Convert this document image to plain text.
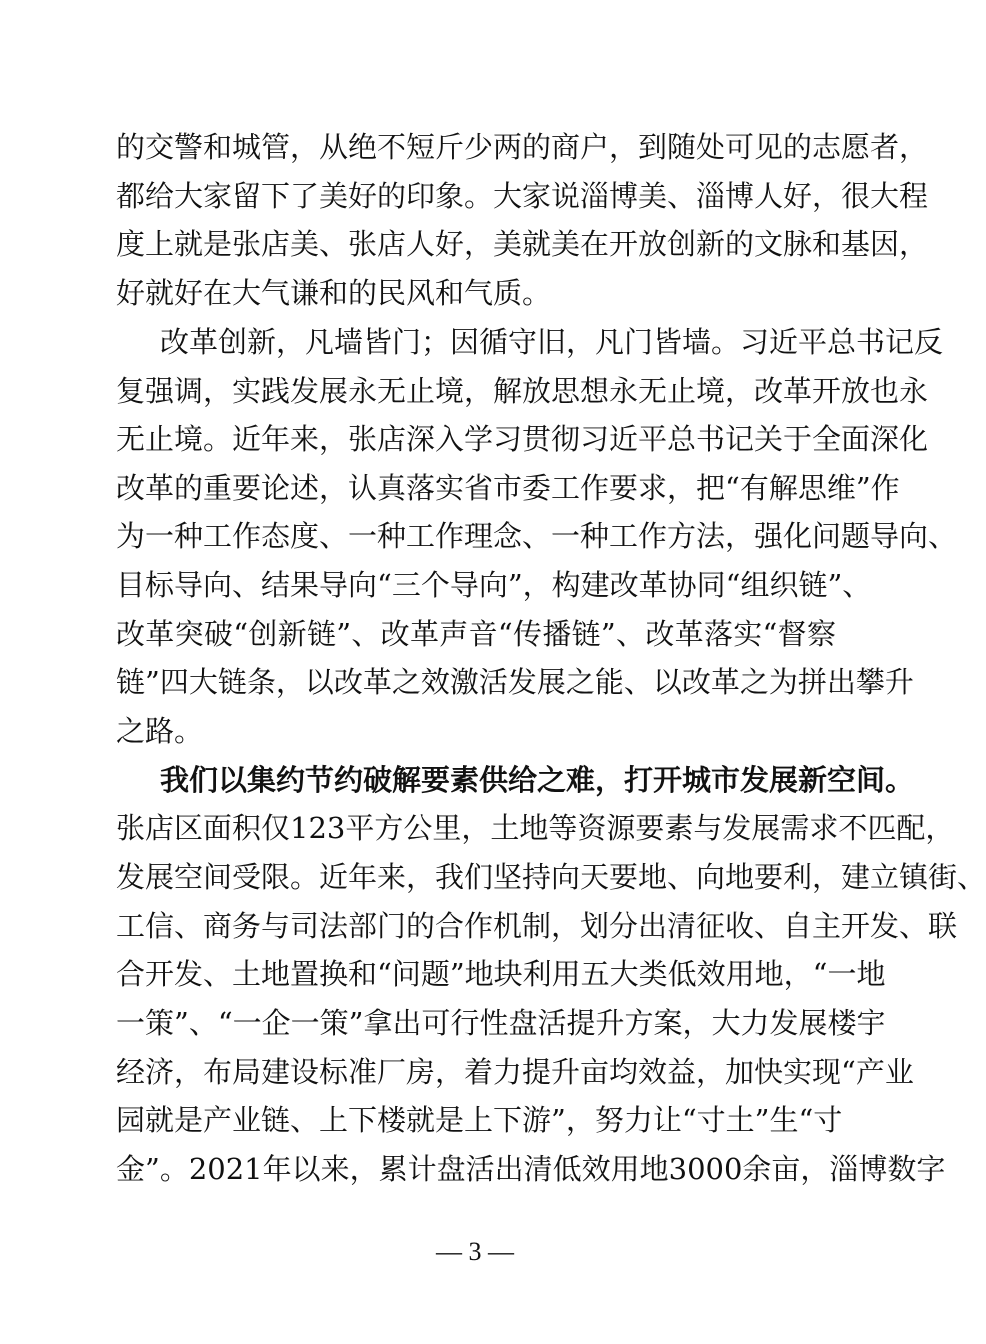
的交警和城管，从绝不短斤少两的商户，到随处可见的志愿者，
都给大家留下了美好的印象。大家说淄博美、淄博人好，很大程
度上就是张店美、张店人好，美就美在开放创新的文脉和基因，
好就好在大气谦和的民风和气质。
改革创新，凡墙皆门；因循守旧，凡门皆墙。习近平总书记反
复强调，实践发展永无止境，解放思想永无止境，改革开放也永
无止境。近年来，张店深入学习贯彻习近平总书记关于全面深化
改革的重要论述，认真落实省市委工作要求，把“有解思维”作
为一种工作态度、一种工作理念、一种工作方法，强化问题导向、
目标导向、结果导向“三个导向”，构建改革协同“组织链”、
改革突破“创新链”、改革声音“传播链”、改革落实“督察
链”四大链条，以改革之效激活发展之能、以改革之为拼出攀升
之路。
我们以集约节约破解要素供给之难，打开城市发展新空间。
张店区面积仅123平方公里，土地等资源要素与发展需求不匹配，
发展空间受限。近年来，我们坚持向天要地、向地要利，建立镇街、
工信、商务与司法部门的合作机制，划分出清征收、自主开发、联
合开发、土地置换和“问题”地块利用五大类低效用地，“一地
一策”、“一企一策”拿出可行性盘活提升方案，大力发展楼宇
经济，布局建设标准厂房，着力提升亩均效益，加快实现“产业
园就是产业链、上下楼就是上下游”，努力让“寸土”生“寸
金”。2021年以来，累计盘活出清低效用地3000余亩，淄博数字
— 3 —
